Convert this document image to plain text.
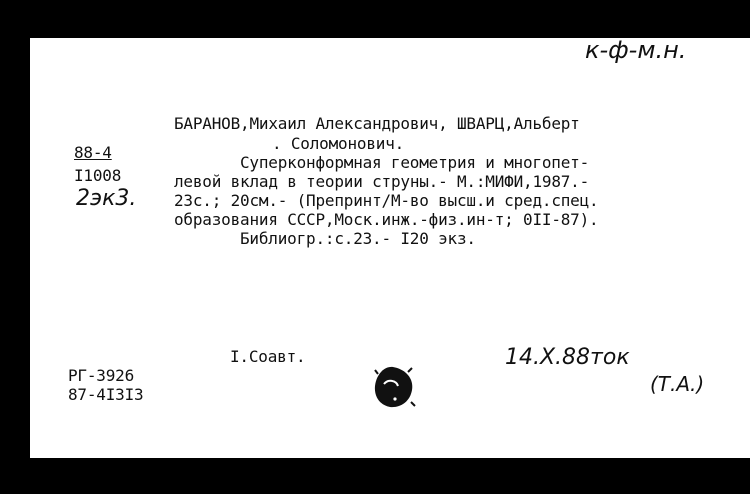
к-ф-м.н.
88-4
I1008
2эк3.
БАРАНОВ,Михаил Александрович, ШВАРЦ,Альберт
. Соломонович.
Суперконформная геометрия и многопет-
левой вклад в теории струны.- М.:МИФИ,1987.-
23с.; 20см.- (Препринт/М-во высш.и сред.спец.
образования СССР,Моск.инж.-физ.ин-т; 0II-87).
Библиогр.:с.23.- I20 экз.
I.Соавт.	14.Х.88ток
(Т.А.)
РГ-3926
87-4I3I3
